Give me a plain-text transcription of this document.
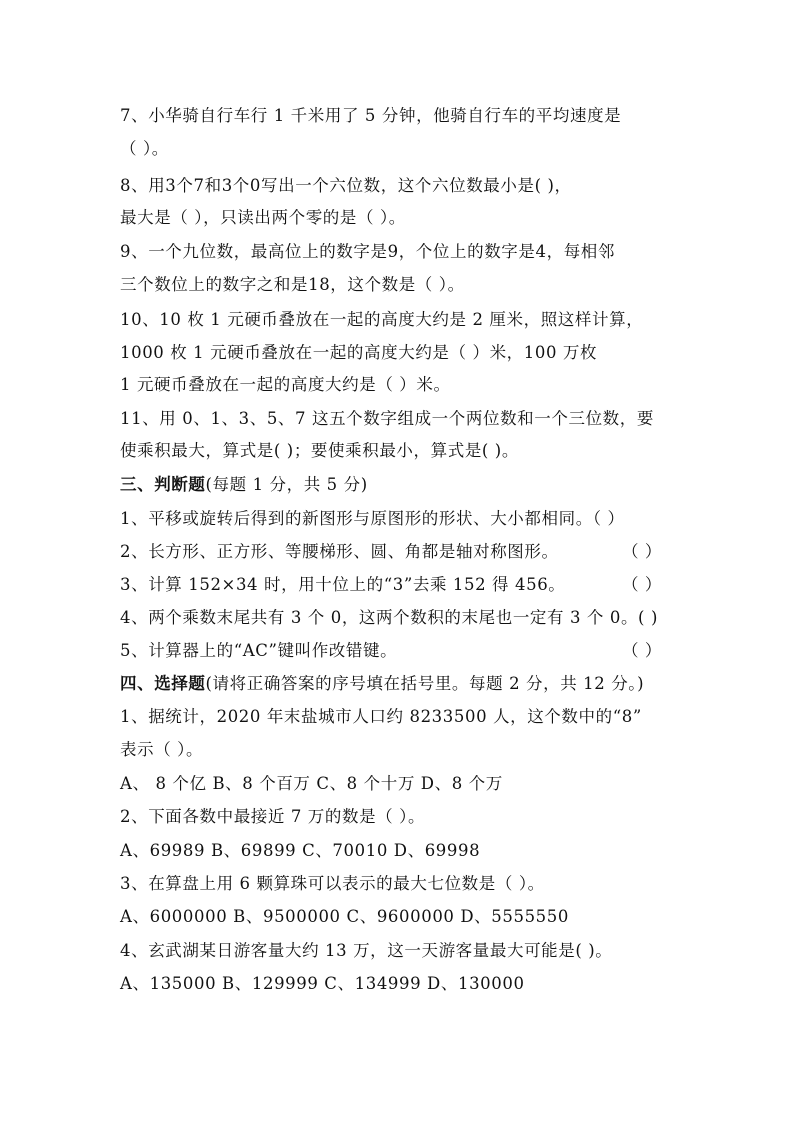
7、小华骑自行车行 1 千米用了 5 分钟，他骑自行车的平均速度是
（ ）。
8、用3个7和3个0写出一个六位数，这个六位数最小是( )，
最大是（ ），只读出两个零的是（ ）。
9、一个九位数，最高位上的数字是9，个位上的数字是4，每相邻
三个数位上的数字之和是18，这个数是（ ）。
10、10 枚 1 元硬币叠放在一起的高度大约是 2 厘米，照这样计算，
1000 枚 1 元硬币叠放在一起的高度大约是（ ）米，100 万枚
1 元硬币叠放在一起的高度大约是（ ）米。
11、用 0、1、3、5、7 这五个数字组成一个两位数和一个三位数，要
使乘积最大，算式是( )；要使乘积最小，算式是( )。
三、判断题(每题 1 分，共 5 分)
1、平移或旋转后得到的新图形与原图形的形状、大小都相同。（ ）
2、长方形、正方形、等腰梯形、圆、角都是轴对称图形。	（ ）
3、计算 152×34 时，用十位上的“3”去乘 152 得 456。	（ ）
4、两个乘数末尾共有 3 个 0，这两个数积的末尾也一定有 3 个 0。( )
5、计算器上的“AC”键叫作改错键。	（ ）
四、选择题(请将正确答案的序号填在括号里。每题 2 分，共 12 分。)
1、据统计，2020 年末盐城市人口约 8233500 人，这个数中的“8”
表示（ ）。
A、 8 个亿 B、8 个百万 C、8 个十万 D、8 个万
2、下面各数中最接近 7 万的数是（ ）。
A、69989 B、69899 C、70010 D、69998
3、在算盘上用 6 颗算珠可以表示的最大七位数是（ ）。
A、6000000 B、9500000 C、9600000 D、5555550
4、玄武湖某日游客量大约 13 万，这一天游客量最大可能是( )。
A、135000 B、129999 C、134999 D、130000
